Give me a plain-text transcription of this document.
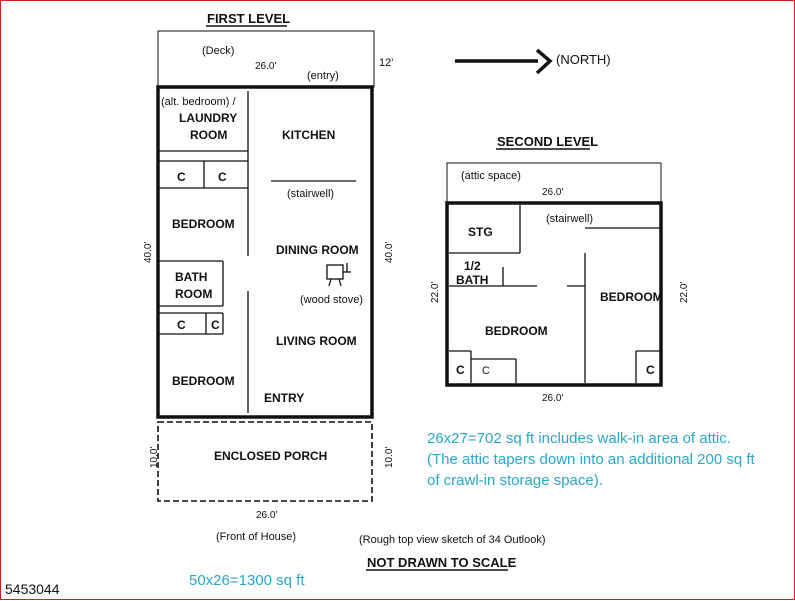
FIRST LEVEL
(Deck)
26.0'
(entry)
12'
(alt. bedroom) /
LAUNDRY
ROOM	KITCHEN
C	C
(stairwell)
BEDROOM
DINING ROOM
BATH
ROOM	(wood stove)
C C
LIVING ROOM
BEDROOM
ENTRY
40.0'	40.0'
ENCLOSED PORCH
10.0'	10.0'
26.0'
(Front of House)
(NORTH)
SECOND LEVEL
(attic space)
26.0'
STG
(stairwell)
1/2
BATH
BEDROOM
BEDROOM
C C	C
22.0'	22.0'
26.0'
(Rough top view sketch of 34 Outlook)
NOT DRAWN TO SCALE

26x27=702 sq ft includes walk-in area of attic.

(The attic tapers down into an additional 200 sq ft

of crawl-in storage space).

50x26=1300 sq ft

5453044
